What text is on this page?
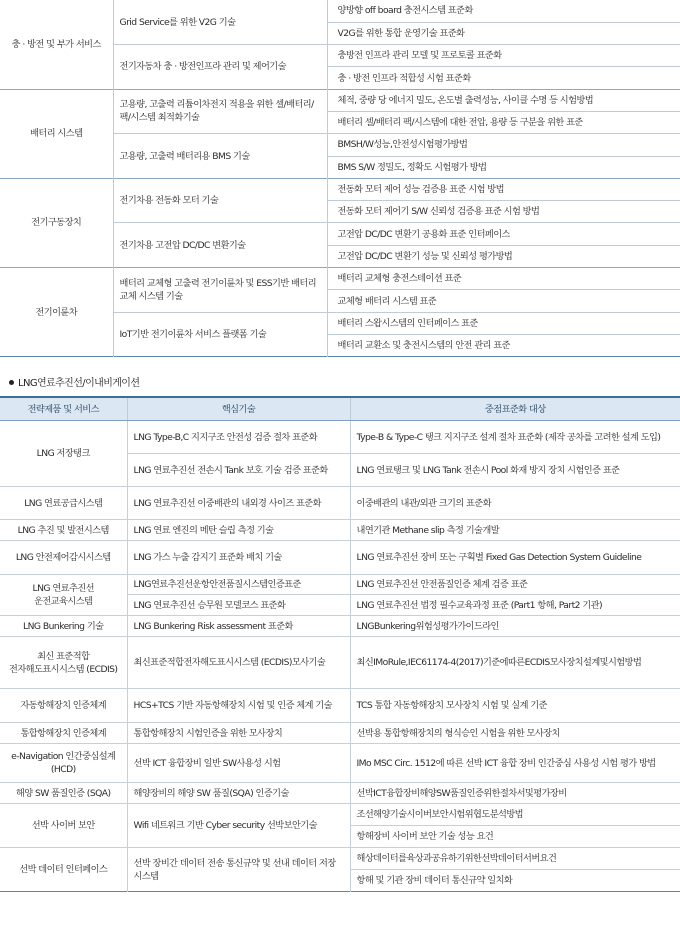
충 · 방전 및 부가 서비스	Grid Service를 위한 V2G 기술	양방향 off board 충전시스템 표준화
		V2G를 위한 통합 운영기술 표준화
	전기자동차 충 · 방전인프라 관리 및 제어기술	충방전 인프라 관리 모델 및 프로토콜 표준화
		충 · 방전 인프라 적합성 시험 표준화
배터리 시스템	고용량, 고출력 리튬이차전지 적용을 위한 셀/배터리/팩/시스템 최적화기술	체적, 중량 당 에너지 밀도, 온도별 출력성능, 사이클 수명 등 시험방법
		배터리 셀/배터리 팩/시스템에 대한 전압, 용량 등 구분을 위한 표준
	고용량, 고출력 배터리용 BMS 기술	BMSH/W성능,안전성시험평가방법
		BMS S/W 정밀도, 정확도 시험평가 방법
전기구동장치	전기차용 전동화 모터 기술	전동화 모터 제어 성능 검증용 표준 시험 방법
		전동화 모터 제어기 S/W 신뢰성 검증용 표준 시험 방법
	전기차용 고전압 DC/DC 변환기술	고전압 DC/DC 변환기 공용화 표준 인터페이스
		고전압 DC/DC 변환기 성능 및 신뢰성 평가방법
전기이륜차	배터리 교체형 고출력 전기이륜차 및 ESS기반 배터리 교체 시스템 기술	배터리 교체형 충전스테이션 표준
		교체형 배터리 시스템 표준
	IoT기반 전기이륜차 서비스 플랫폼 기술	배터리 스왑시스템의 인터페이스 표준
		배터리 교환소 및 충전시스템의 안전 관리 표준
LNG연료추진선/이내비게이션
전략제품 및 서비스	핵심기술	중점표준화 대상
LNG 저장탱크	LNG Type-B,C 지지구조 안전성 검증 절차 표준화	Type-B & Type-C 탱크 지지구조 설계 절차 표준화 (제작 공차를 고려한 설계 도입)
	LNG 연료추진선 전손시 Tank 보호 기술 검증 표준화	LNG 연료탱크 및 LNG Tank 전손시 Pool 화재 방지 장치 시험인증 표준
LNG 연료공급시스템	LNG 연료추진선 이중배관의 내외경 사이즈 표준화	이중배관의 내관/외관 크기의 표준화
LNG 추진 및 발전시스템	LNG 연료 엔진의 메탄 슬립 측정 기술	내연기관 Methane slip 측정 기술개발
LNG 안전제어감시시스템	LNG 가스 누출 감지기 표준화 배치 기술	LNG 연료추진선 장비 또는 구획별 Fixed Gas Detection System Guideline
LNG 연료추진선 운전교육시스템	LNG연료추진선운항안전품질시스템인증표준	LNG 연료추진선 안전품질인증 체계 검증 표준
	LNG 연료추진선 승무원 모델코스 표준화	LNG 연료추진선 법정 필수교육과정 표준 (Part1 항해, Part2 기관)
LNG Bunkering 기술	LNG Bunkering Risk assessment 표준화	LNGBunkering위험성평가가이드라인
최신 표준적합 전자해도표시시스템 (ECDIS)	최신표준적합전자해도표시시스템 (ECDIS)모사기술	최신IMoRule,IEC61174-4(2017)기준에따른ECDIS모사장치설계및시험방법
자동항해장치 인증체계	HCS+TCS 기반 자동항해장치 시험 및 인증 체계 기술	TCS 통합 자동항해장치 모사장치 시험 및 실계 기준
통합항해장치 인증체계	통합항해장치 시험인증을 위한 모사장치	선박용 통합항해장치의 형식승인 시험을 위한 모사장치
e-Navigation 인간중심설계(HCD)	선박 ICT 융합장비 일반 SW사용성 시험	IMo MSC Circ. 1512에 따른 선박 ICT 융합 장비 인간중심 사용성 시험 평가 방법
해양 SW 품질인증 (SQA)	해양장비의 해양 SW 품질(SQA) 인증기술	선박ICT융합장비해양SW품질인증위한절차서및평가장비
선박 사이버 보안	Wifi 네트워크 기반 Cyber security 선박보안기술	조선해양기술시이버보안시험위협도분석방법
		항해장비 사이버 보안 기술 성능 요건
선박 데이터 인터페이스	선박 장비간 데이터 전송 통신규약 및 선내 데이터 저장 시스템	해상데이터를육상과공유하기위한선박데이터서버요건
		항해 및 기관 장비 데이터 통신규약 일치화
